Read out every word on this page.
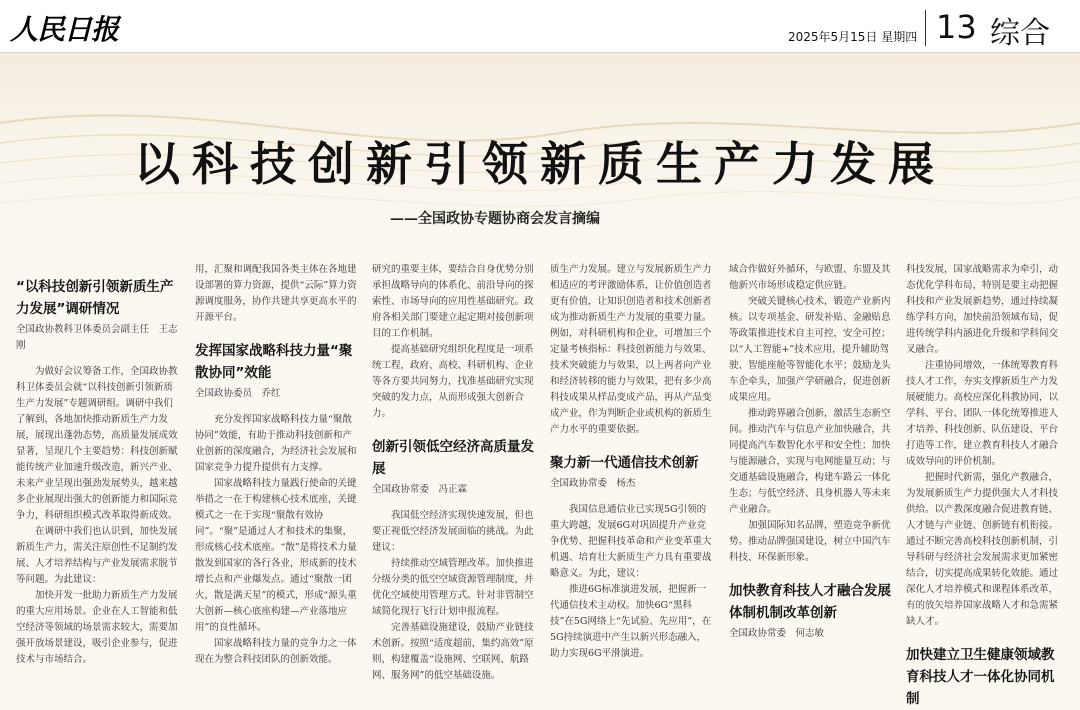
人民日报	2025年5月15日 星期四 13 综合
以科技创新引领新质生产力发展
——全国政协专题协商会发言摘编
“以科技创新引领新质生产力发展”调研情况
全国政协教科卫体委员会副主任　王志刚

为做好会议筹备工作，全国政协教科卫体委员会就“以科技创新引领新质生产力发展”专题调研组。调研中我们了解到，各地加快推动新质生产力发展，展现出蓬勃态势，高质量发展成效显著，呈现几个主要趋势：科技创新赋能传统产业加速升级改造，新兴产业、未来产业呈现出强劲发展势头，越来越多企业展现出强大的创新能力和国际竞争力，科研组织模式改革取得新成效。

在调研中我们也认识到，加快发展新质生产力，需关注原创性不足制约发展、人才培养结构与产业发展需求脱节等问题。为此建议：

加快开发一批助力新质生产力发展的重大应用场景。企业在人工智能和低空经济等领域的场景需求较大，需要加强开放场景建设，吸引企业参与，促进技术与市场结合。

用，汇聚和调配我国各类主体在各地建设部署的算力资源，提供“云际”算力资源调度服务，协作共建共享更高水平的开源平台。

发挥国家战略科技力量“聚散协同”效能
全国政协委员　乔红

充分发挥国家战略科技力量“聚散协同”效能，有助于推动科技创新和产业创新的深度融合，为经济社会发展和国家竞争力提升提供有力支撑。

国家战略科技力量践行使命的关键举措之一在于构建核心技术底座，关键模式之一在于实现“聚散有效协同”。“聚”是通过人才和技术的集聚，形成核心技术底座。“散”是将技术力量散发到国家的各行各业，形成新的技术增长点和产业爆发点。通过“聚散一团火，散是满天星”的模式，形成“源头重大创新—核心底座构建—产业落地应用”的良性循环。

国家战略科技力量的竞争力之一体现在为整合科技团队的创新效能。

研究的重要主体，要结合自身优势分别承担战略导向的体系化、前沿导向的探索性、市场导向的应用性基础研究。政府各相关部门要建立起定期对接创新项目的工作机制。

提高基础研究组织化程度是一项系统工程，政府、高校、科研机构、企业等各方要共同努力，找准基础研究实现突破的发力点，从而形成强大创新合力。

创新引领低空经济高质量发展
全国政协常委　冯正霖

我国低空经济实现快速发展，但也要正视低空经济发展面临的挑战。为此建议：

持续推动空域管理改革。加快推进分级分类的低空空域资源管理制度，并优化空域使用管理方式。针对非管制空域简化现行飞行计划申报流程。

完善基础设施建设，鼓励产业链技术创新。按照“适度超前，集约高效”原则，构建覆盖“设施网、空联网、航路网、服务网”的低空基础设施。

质生产力发展。建立与发展新质生产力相适应的考评激励体系，让价值创造者更有价值，让知识创造者和技术创新者成为推动新质生产力发展的重要力量。例如，对科研机构和企业，可增加三个定量考核指标：科技创新能力与效果、技术突破能力与效果，以上两者向产业和经济转移的能力与效果，把有多少高科技成果从样品变成产品，再从产品变成产业，作为判断企业或机构的新质生产力水平的重要依据。

聚力新一代通信技术创新
全国政协常委　杨杰

我国信息通信业已实现5G引领的重大跨越，发展6G对巩固提升产业竞争优势、把握科技革命和产业变革重大机遇、培育壮大新质生产力具有重要战略意义。为此，建议：

推进6G标准演进发展，把握新一代通信技术主动权。加快6G“黑科技”在5G网络上“先试验、先应用”，在5G持续演进中产生以新兴形态融入，助力实现6G平滑演进。

域合作做好外循环，与欧盟、东盟及其他新兴市场形成稳定供应链。

突破关键核心技术，锻造产业新内核。以专项基金、研发补贴、金融贴息等政策推进技术自主可控，安全可控；以“人工智能+”技术应用，提升辅助驾驶、智能座舱等智能化水平；鼓励龙头车企牵头，加强产学研融合，促进创新成果应用。

推动跨界融合创新，激活生态新空间。推动汽车与信息产业加快融合，共同提高汽车数智化水平和安全性；加快与能源融合，实现与电网能量互动；与交通基础设施融合，构建车路云一体化生态；与低空经济、具身机器人等未来产业融合。

加强国际知名品牌，塑造竞争新优势。推动品牌强国建设，树立中国汽车科技、环保新形象。

加快教育科技人才融合发展体制机制改革创新
全国政协常委　何志敏

科技发展，国家战略需求为牵引，动态优化学科布局，特别是要主动把握科技和产业发展新趋势，通过持续凝练学科方向，加快前沿领域布局，促进传统学科内涵进化升级和学科间交叉融合。

注重协同增效，一体统筹教育科技人才工作，夯实支撑新质生产力发展硬能力。高校应深化科教协同，以学科、平台、团队一体化统筹推进人才培养、科技创新、队伍建设、平台打造等工作，建立教育科技人才融合成效导向的评价机制。

把握时代新需，强化产教融合，为发展新质生产力提供强大人才科技供给。以产教深度融合促进教育链、人才链与产业链、创新链有机衔接。通过不断完善高校科技创新机制，引导科研与经济社会发展需求更加紧密结合，切实提高成果转化效能。通过深化人才培养模式和课程体系改革，有的放矢培养国家战略人才和急需紧缺人才。

加快建立卫生健康领域教育科技人才一体化协同机制
